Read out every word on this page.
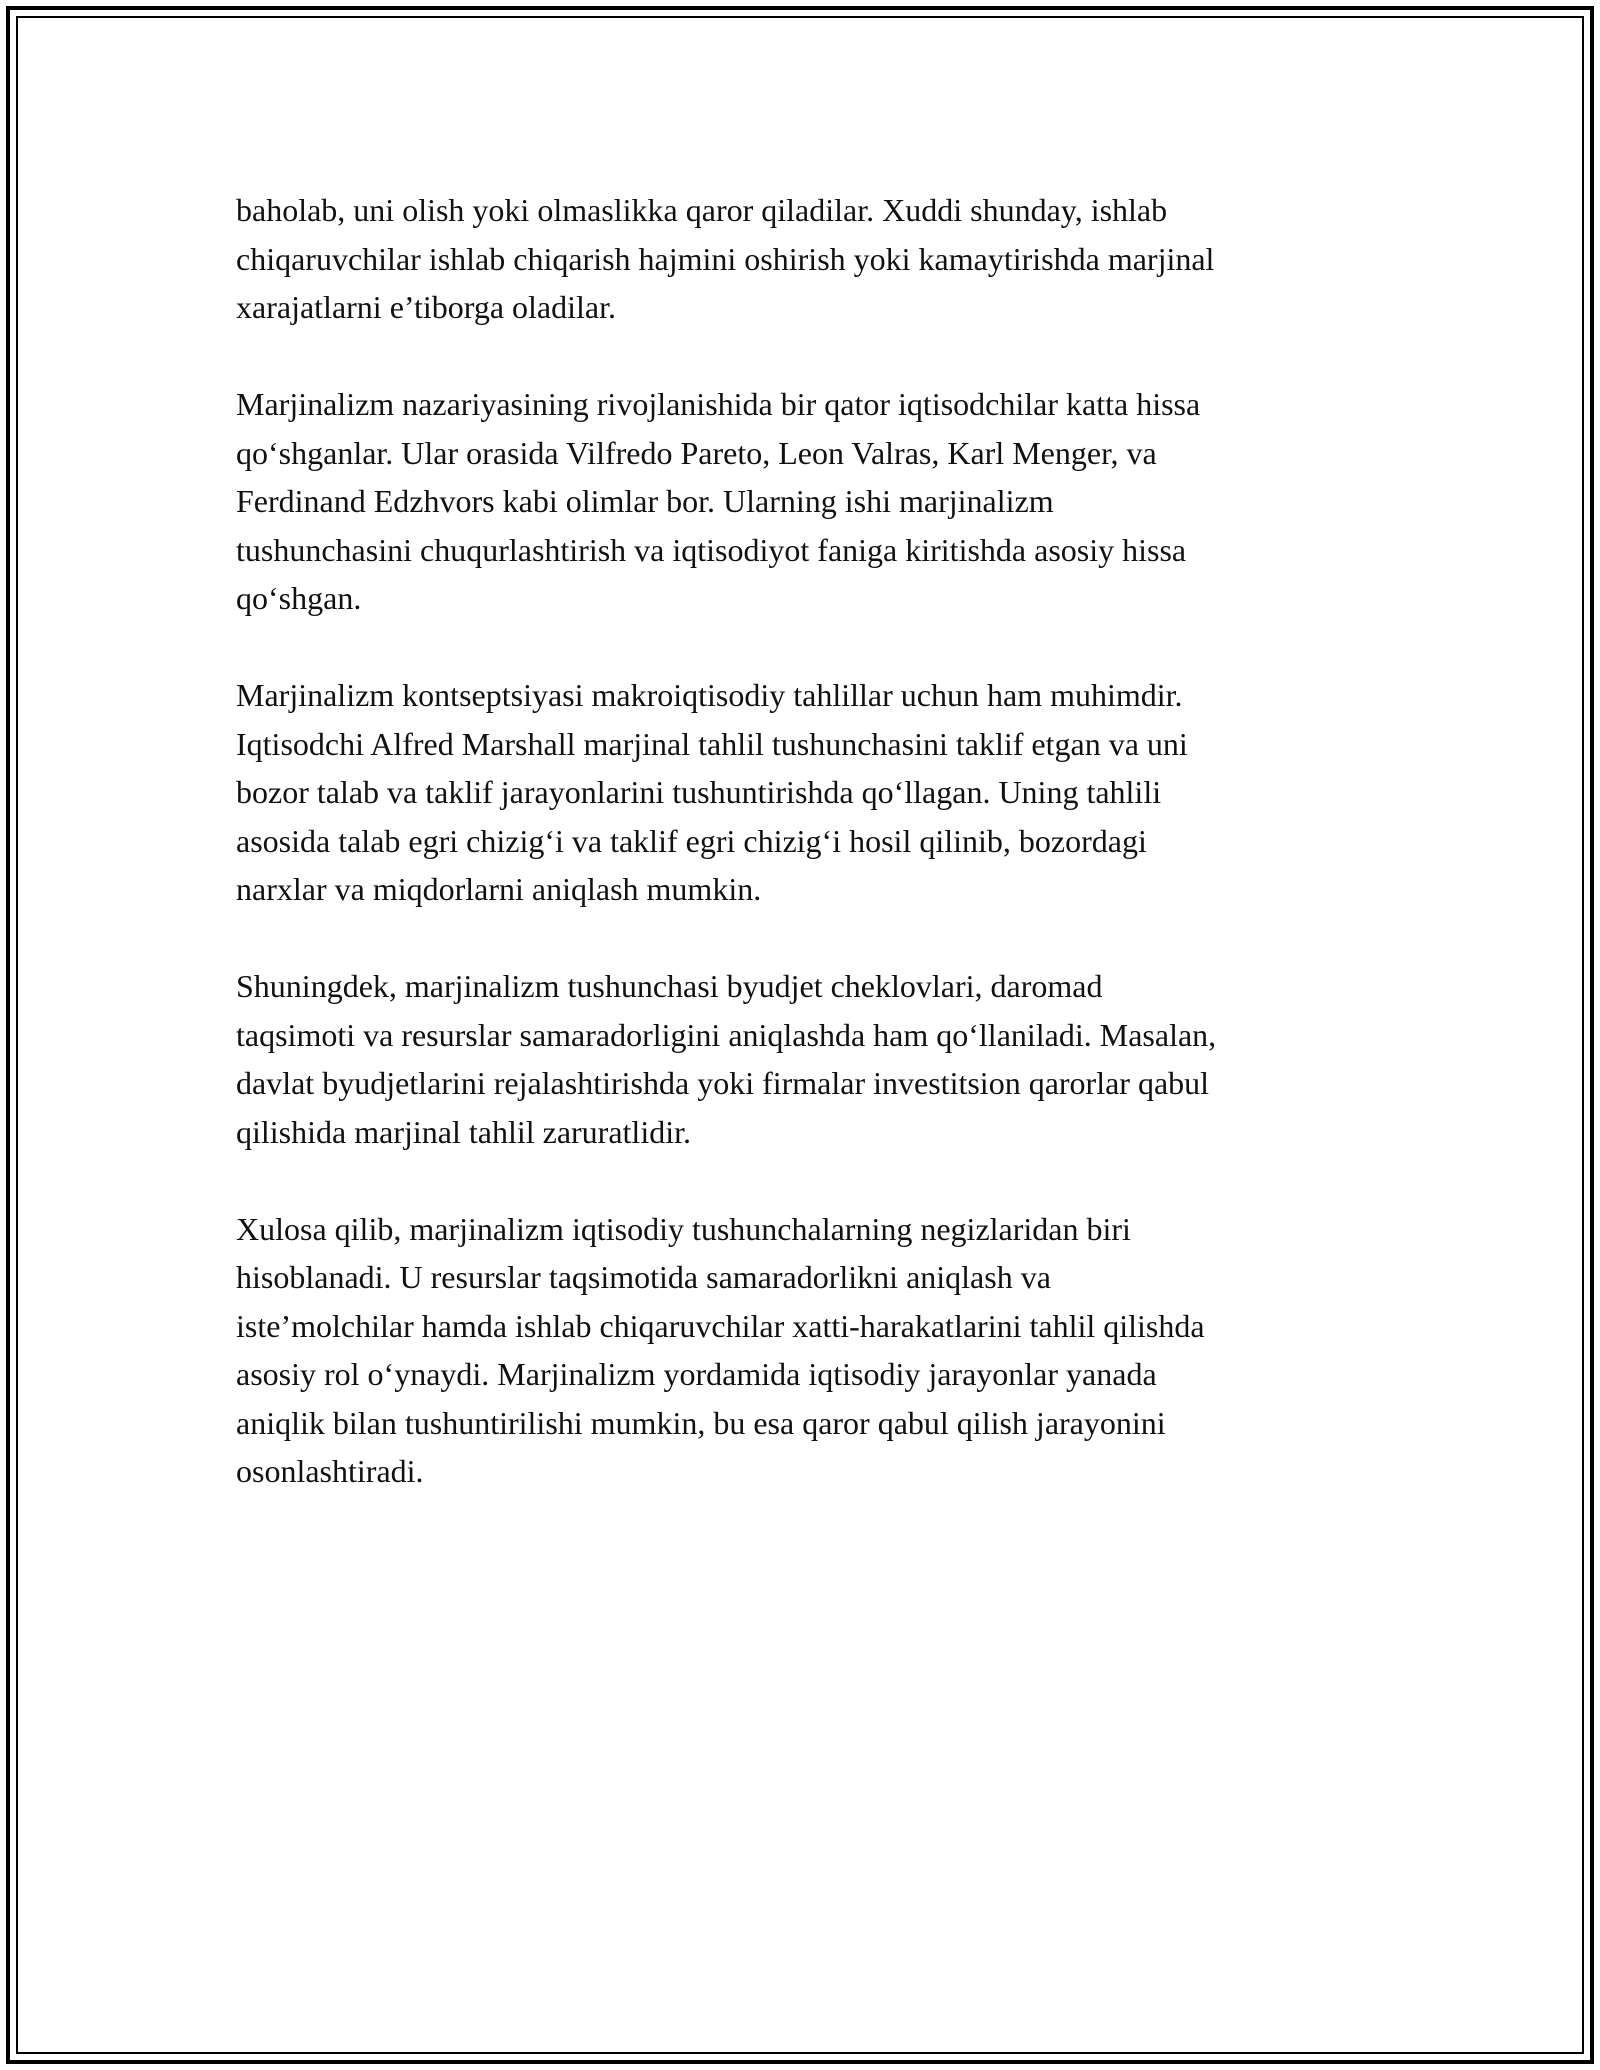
baholab, uni olish yoki olmaslikka qaror qiladilar. Xuddi shunday, ishlab
chiqaruvchilar ishlab chiqarish hajmini oshirish yoki kamaytirishda marjinal
xarajatlarni e’tiborga oladilar.

Marjinalizm nazariyasining rivojlanishida bir qator iqtisodchilar katta hissa
qo‘shganlar. Ular orasida Vilfredo Pareto, Leon Valras, Karl Menger, va
Ferdinand Edzhvors kabi olimlar bor. Ularning ishi marjinalizm
tushunchasini chuqurlashtirish va iqtisodiyot faniga kiritishda asosiy hissa
qo‘shgan.

Marjinalizm kontseptsiyasi makroiqtisodiy tahlillar uchun ham muhimdir.
Iqtisodchi Alfred Marshall marjinal tahlil tushunchasini taklif etgan va uni
bozor talab va taklif jarayonlarini tushuntirishda qo‘llagan. Uning tahlili
asosida talab egri chizig‘i va taklif egri chizig‘i hosil qilinib, bozordagi
narxlar va miqdorlarni aniqlash mumkin.

Shuningdek, marjinalizm tushunchasi byudjet cheklovlari, daromad
taqsimoti va resurslar samaradorligini aniqlashda ham qo‘llaniladi. Masalan,
davlat byudjetlarini rejalashtirishda yoki firmalar investitsion qarorlar qabul
qilishida marjinal tahlil zaruratlidir.

Xulosa qilib, marjinalizm iqtisodiy tushunchalarning negizlaridan biri
hisoblanadi. U resurslar taqsimotida samaradorlikni aniqlash va
iste’molchilar hamda ishlab chiqaruvchilar xatti-harakatlarini tahlil qilishda
asosiy rol o‘ynaydi. Marjinalizm yordamida iqtisodiy jarayonlar yanada
aniqlik bilan tushuntirilishi mumkin, bu esa qaror qabul qilish jarayonini
osonlashtiradi.
